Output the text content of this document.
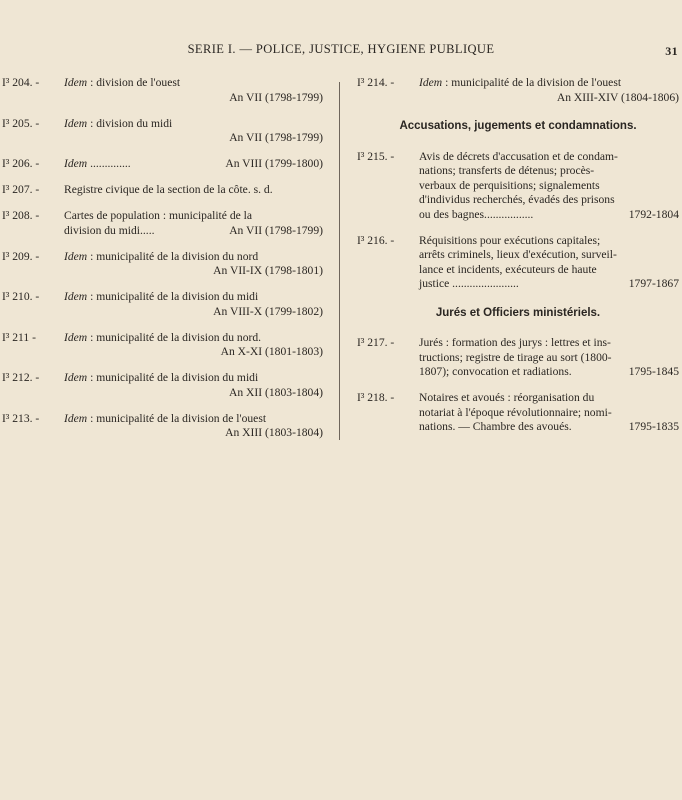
SERIE I. — POLICE, JUSTICE, HYGIENE PUBLIQUE	31
I³ 204. -	Idem : division de l'ouest
An VII (1798-1799)
I³ 205. -	Idem : division du midi
An VII (1798-1799)
I³ 206. -	Idem ..............	An VIII (1799-1800)
I³ 207. -	Registre civique de la section de la côte. s. d.
I³ 208. -	Cartes de population : municipalité de la
division du midi.....	An VII (1798-1799)
I³ 209. -	Idem : municipalité de la division du nord
An VII-IX (1798-1801)
I³ 210. -	Idem : municipalité de la division du midi
An VIII-X (1799-1802)
I³ 211 -	Idem : municipalité de la division du nord.
An X-XI (1801-1803)
I³ 212. -	Idem : municipalité de la division du midi
An XII (1803-1804)
I³ 213. -	Idem : municipalité de la division de l'ouest
An XIII (1803-1804)
I³ 214. -	Idem : municipalité de la division de l'ouest
An XIII-XIV (1804-1806)
Accusations, jugements et condamnations.
I³ 215. -	Avis de décrets d'accusation et de condam-
nations; transferts de détenus; procès-
verbaux de perquisitions; signalements
d'individus recherchés, évadés des prisons
ou des bagnes.................	1792-1804
I³ 216. -	Réquisitions pour exécutions capitales;
arrêts criminels, lieux d'exécution, surveil-
lance et incidents, exécuteurs de haute
justice .......................	1797-1867
Jurés et Officiers ministériels.
I³ 217. -	Jurés : formation des jurys : lettres et ins-
tructions; registre de tirage au sort (1800-
1807); convocation et radiations.	1795-1845
I³ 218. -	Notaires et avoués : réorganisation du
notariat à l'époque révolutionnaire; nomi-
nations. — Chambre des avoués.	1795-1835
